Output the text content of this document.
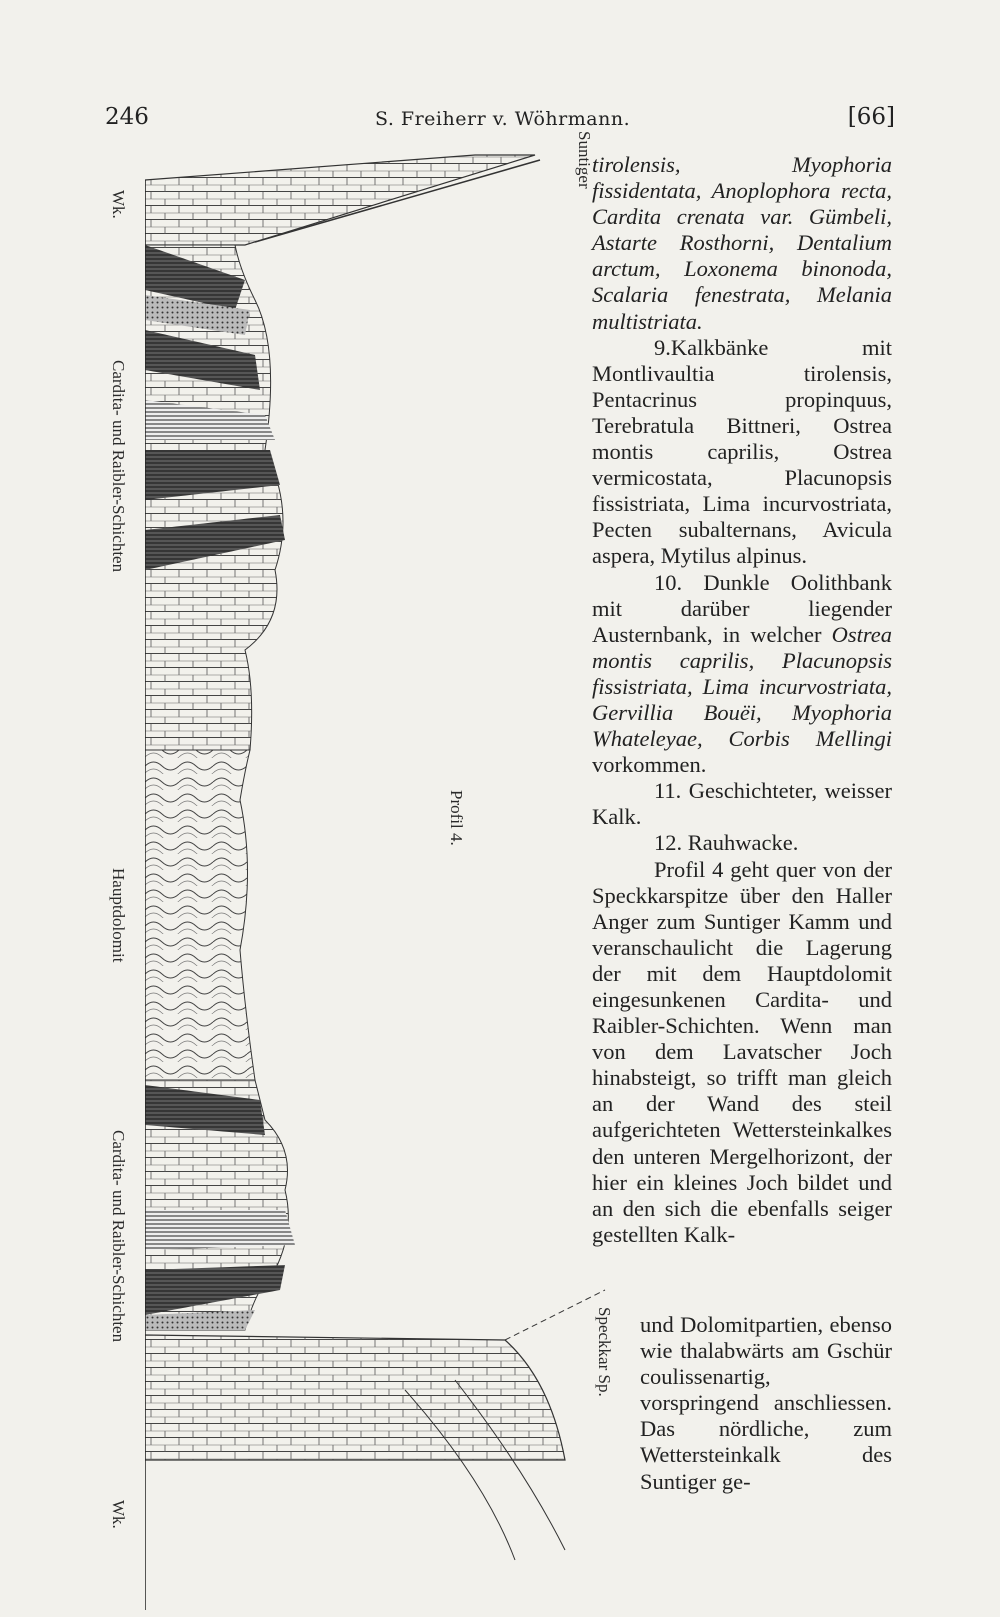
246	S. Freiherr v. Wöhrmann.	[66]
Wk.
Cardita- und Raibler-Schichten
Hauptdolomit
Cardita- und Raibler-Schichten
Wk.
Suntiger
Speckkar Sp.
Profil 4.

tirolensis, Myophoria fissidentata, Anoplophora recta, Cardita crenata var. Gümbeli, Astarte Rosthorni, Dentalium arctum, Loxonema binonoda, Scalaria fenestrata, Melania multistriata.

9.Kalkbänke mit Montlivaultia tirolensis, Pentacrinus propinquus, Terebratula Bittneri, Ostrea montis caprilis, Ostrea vermicostata, Placunopsis fissistriata, Lima incurvostriata, Pecten subalternans, Avicula aspera, Mytilus alpinus.

10. Dunkle Oolithbank mit darüber liegender Austernbank, in welcher Ostrea montis caprilis, Placunopsis fissistriata, Lima incurvostriata, Gervillia Bouëi, Myophoria Whateleyae, Corbis Mellingi vorkommen.

11. Geschichteter, weisser Kalk.

12. Rauhwacke.

Profil 4 geht quer von der Speckkarspitze über den Haller Anger zum Suntiger Kamm und veranschaulicht die Lagerung der mit dem Hauptdolomit eingesunkenen Cardita- und Raibler-Schichten. Wenn man von dem Lavatscher Joch hinabsteigt, so trifft man gleich an der Wand des steil aufgerichteten Wettersteinkalkes den unteren Mergelhorizont, der hier ein kleines Joch bildet und an den sich die ebenfalls seiger gestellten Kalk-

und Dolomitpartien, ebenso wie thalabwärts am Gschür coulissenartig, vorspringend anschliessen. Das nördliche, zum Wettersteinkalk des Suntiger ge-
